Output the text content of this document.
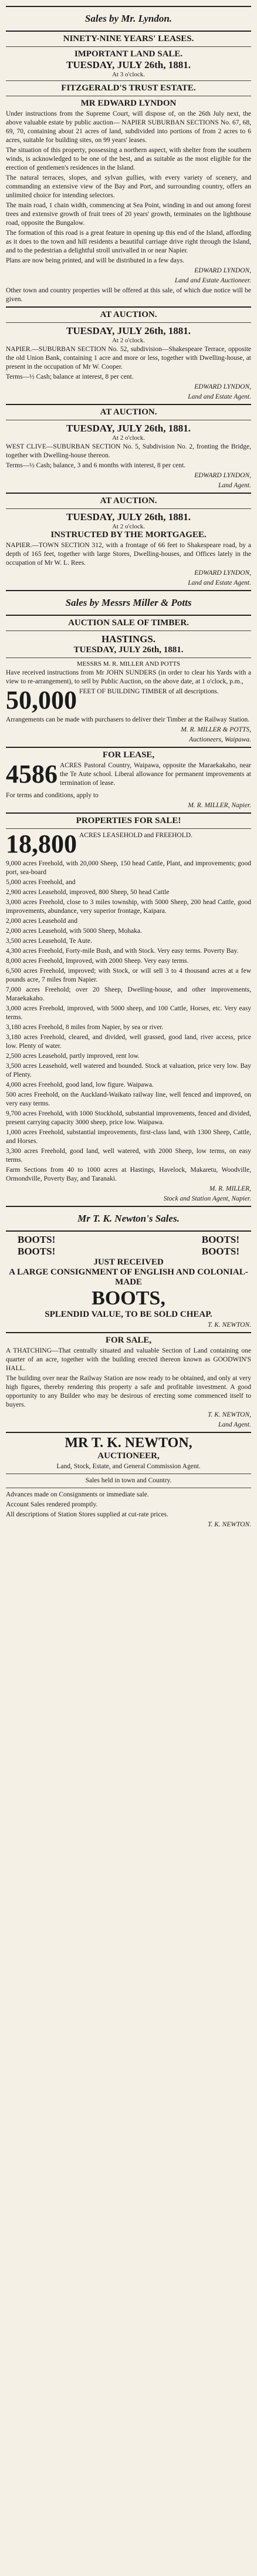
Sales by Mr. Lyndon.
NINETY-NINE YEARS' LEASES.
IMPORTANT LAND SALE.
TUESDAY, JULY 26th, 1881.
At 3 o'clock.
FITZGERALD'S TRUST ESTATE.
MR EDWARD LYNDON

Under instructions from the Supreme Court, will dispose of, on the 26th July next, the above valuable estate by public auction— NAPIER SUBURBAN SECTIONS No. 67, 68, 69, 70, containing about 21 acres of land, subdivided into portions of from 2 acres to 6 acres, suitable for building sites, on 99 years' leases.

The situation of this property, possessing a northern aspect, with shelter from the southern winds, is acknowledged to be one of the best, and as suitable as the most eligible for the erection of gentlemen's residences in the Island.

The natural terraces, slopes, and sylvan gullies, with every variety of scenery, and commanding an extensive view of the Bay and Port, and surrounding country, offers an unlimited choice for intending selectors.

The main road, 1 chain width, commencing at Sea Point, winding in and out among forest trees and extensive growth of fruit trees of 20 years' growth, terminates on the lighthouse road, opposite the Bungalow.

The formation of this road is a great feature in opening up this end of the Island, affording as it does to the town and hill residents a beautiful carriage drive right through the Island, and to the pedestrian a delightful stroll unrivalled in or near Napier.

Plans are now being printed, and will be distributed in a few days.

EDWARD LYNDON,
Land and Estate Auctioneer.

Other town and country properties will be offered at this sale, of which due notice will be given.

AT AUCTION.
TUESDAY, JULY 26th, 1881.
At 2 o'clock.

NAPIER.—SUBURBAN SECTION No. 52, subdivision—Shakespeare Terrace, opposite the old Union Bank, containing 1 acre and more or less, together with Dwelling-house, at present in the occupation of Mr W. Cooper.

Terms—½ Cash; balance at interest, 8 per cent.

EDWARD LYNDON,
Land and Estate Agent.
AT AUCTION.
TUESDAY, JULY 26th, 1881.
At 2 o'clock.

WEST CLIVE—SUBURBAN SECTION No. 5, Subdivision No. 2, fronting the Bridge, together with Dwelling-house thereon.

Terms—½ Cash; balance, 3 and 6 months with interest, 8 per cent.

EDWARD LYNDON,
Land Agent.
AT AUCTION.
TUESDAY, JULY 26th, 1881.
At 2 o'clock.
INSTRUCTED BY THE MORTGAGEE.

NAPIER.—TOWN SECTION 312, with a frontage of 66 feet to Shakespeare road, by a depth of 165 feet, together with large Stores, Dwelling-houses, and Offices lately in the occupation of Mr W. L. Rees.

EDWARD LYNDON,
Land and Estate Agent.
Sales by Messrs Miller & Potts
AUCTION SALE OF TIMBER.
HASTINGS.
TUESDAY, JULY 26th, 1881.
MESSRS M. R. MILLER AND POTTS

Have received instructions from Mr JOHN SUNDERS (in order to clear his Yards with a view to re-arrangement), to sell by Public Auction, on the above date, at 1 o'clock, p.m.,

50,000 FEET OF BUILDING TIMBER of all descriptions.

Arrangements can be made with purchasers to deliver their Timber at the Railway Station.

M. R. MILLER & POTTS,
Auctioneers, Waipawa.
FOR LEASE,
4586 ACRES Pastoral Country, Waipawa, opposite the Maraekakaho, near the Te Aute school. Liberal allowance for permanent improvements at termination of lease.

For terms and conditions, apply to

M. R. MILLER, Napier.
PROPERTIES FOR SALE!
18,800 ACRES LEASEHOLD and FREEHOLD.

9,000 acres Freehold, with 20,000 Sheep, 150 head Cattle, Plant, and improvements; good port, sea-board

5,000 acres Freehold, and

2,900 acres Leasehold, improved, 800 Sheep, 50 head Cattle

3,000 acres Freehold, close to 3 miles township, with 5000 Sheep, 200 head Cattle, good improvements, abundance, very superior frontage, Kaipara.

2,000 acres Leasehold and

2,000 acres Leasehold, with 5000 Sheep, Mohaka.

3,500 acres Leasehold, Te Aute.

4,300 acres Freehold, Forty-mile Bush, and with Stock. Very easy terms. Poverty Bay.

8,000 acres Freehold, Improved, with 2000 Sheep. Very easy terms.

6,500 acres Freehold, improved; with Stock, or will sell 3 to 4 thousand acres at a few pounds acre, 7 miles from Napier.

7,000 acres Freehold; over 20 Sheep, Dwelling-house, and other improvements, Maraekakaho.

3,000 acres Freehold, improved, with 5000 sheep, and 100 Cattle, Horses, etc. Very easy terms.

3,180 acres Freehold, 8 miles from Napier, by sea or river.

3,180 acres Freehold, cleared, and divided, well grassed, good land, river access, price low. Plenty of water.

2,500 acres Leasehold, partly improved, rent low.

3,500 acres Leasehold, well watered and bounded. Stock at valuation, price very low. Bay of Plenty.

4,000 acres Freehold, good land, low figure. Waipawa.

500 acres Freehold, on the Auckland-Waikato railway line, well fenced and improved, on very easy terms.

9,700 acres Freehold, with 1000 Stockhold, substantial improvements, fenced and divided, present carrying capacity 3000 sheep, price low. Waipawa.

1,000 acres Freehold, substantial improvements, first-class land, with 1300 Sheep, Cattle, and Horses.

3,300 acres Freehold, good land, well watered, with 2000 Sheep, low terms, on easy terms.

Farm Sections from 40 to 1000 acres at Hastings, Havelock, Makaretu, Woodville, Ormondville, Poverty Bay, and Taranaki.

M. R. MILLER,
Stock and Station Agent, Napier.
Mr T. K. Newton's Sales.
BOOTS!	BOOTS!
BOOTS!	BOOTS!
JUST RECEIVED
A LARGE CONSIGNMENT OF ENGLISH AND COLONIAL-MADE
BOOTS,
SPLENDID VALUE, TO BE SOLD CHEAP.
T. K. NEWTON.
FOR SALE,

A THATCHING—That centrally situated and valuable Section of Land containing one quarter of an acre, together with the building erected thereon known as GOODWIN'S HALL.

The building over near the Railway Station are now ready to be obtained, and only at very high figures, thereby rendering this property a safe and profitable investment. A good opportunity to any Builder who may be desirous of erecting some commenced itself to buyers.

T. K. NEWTON,
Land Agent.
MR T. K. NEWTON,
AUCTIONEER,
Land, Stock, Estate, and General Commission Agent.
Sales held in town and Country.

Advances made on Consignments or immediate sale.

Account Sales rendered promptly.

All descriptions of Station Stores supplied at cut-rate prices.

T. K. NEWTON.
